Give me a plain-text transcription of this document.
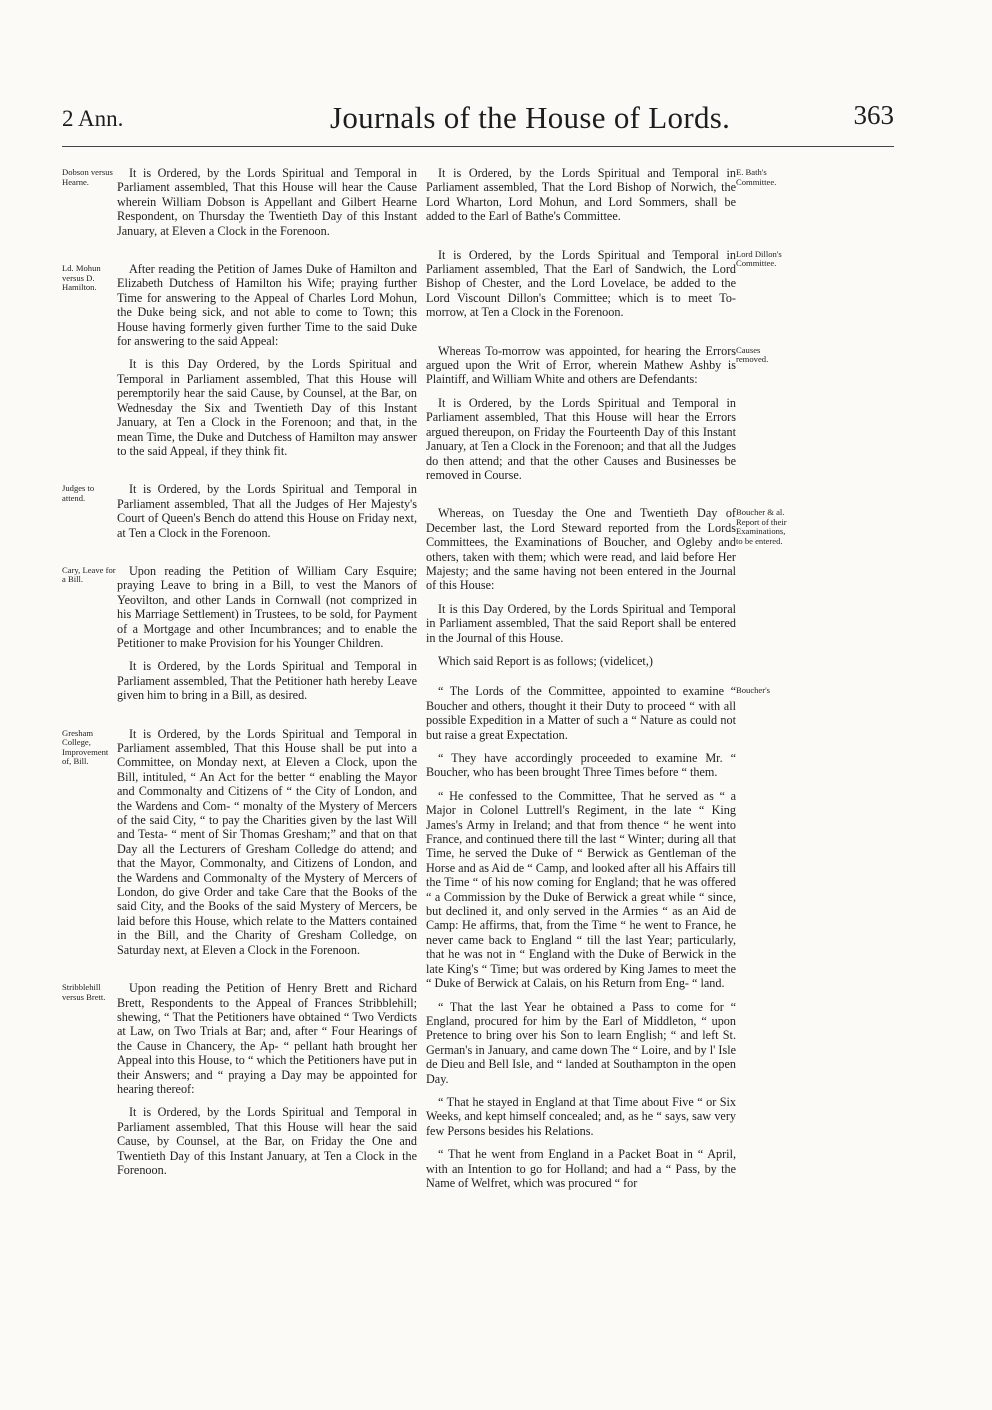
2 Ann.	Journals of the House of Lords.	363

It is Ordered, by the Lords Spiritual and Temporal in Parliament assembled, That this House will hear the Cause wherein William Dobson is Appellant and Gilbert Hearne Respondent, on Thursday the Twentieth Day of this Instant January, at Eleven a Clock in the Forenoon.

After reading the Petition of James Duke of Hamilton and Elizabeth Dutchess of Hamilton his Wife; praying further Time for answering to the Appeal of Charles Lord Mohun, the Duke being sick, and not able to come to Town; this House having formerly given further Time to the said Duke for answering to the said Appeal:

It is this Day Ordered, by the Lords Spiritual and Temporal in Parliament assembled, That this House will peremptorily hear the said Cause, by Counsel, at the Bar, on Wednesday the Six and Twentieth Day of this Instant January, at Ten a Clock in the Forenoon; and that, in the mean Time, the Duke and Dutchess of Hamilton may answer to the said Appeal, if they think fit.

It is Ordered, by the Lords Spiritual and Temporal in Parliament assembled, That all the Judges of Her Majesty's Court of Queen's Bench do attend this House on Friday next, at Ten a Clock in the Forenoon.

Upon reading the Petition of William Cary Esquire; praying Leave to bring in a Bill, to vest the Manors of Yeovilton, and other Lands in Cornwall (not comprized in his Marriage Settlement) in Trustees, to be sold, for Payment of a Mortgage and other Incumbrances; and to enable the Petitioner to make Provision for his Younger Children.

It is Ordered, by the Lords Spiritual and Temporal in Parliament assembled, That the Petitioner hath hereby Leave given him to bring in a Bill, as desired.

It is Ordered, by the Lords Spiritual and Temporal in Parliament assembled, That this House shall be put into a Committee, on Monday next, at Eleven a Clock, upon the Bill, intituled, “ An Act for the better “ enabling the Mayor and Commonalty and Citizens of “ the City of London, and the Wardens and Com- “ monalty of the Mystery of Mercers of the said City, “ to pay the Charities given by the last Will and Testa- “ ment of Sir Thomas Gresham;” and that on that Day all the Lecturers of Gresham Colledge do attend; and that the Mayor, Commonalty, and Citizens of London, and the Wardens and Commonalty of the Mystery of Mercers of London, do give Order and take Care that the Books of the said City, and the Books of the said Mystery of Mercers, be laid before this House, which relate to the Matters contained in the Bill, and the Charity of Gresham Colledge, on Saturday next, at Eleven a Clock in the Forenoon.

Upon reading the Petition of Henry Brett and Richard Brett, Respondents to the Appeal of Frances Stribblehill; shewing, “ That the Petitioners have obtained “ Two Verdicts at Law, on Two Trials at Bar; and, after “ Four Hearings of the Cause in Chancery, the Ap- “ pellant hath brought her Appeal into this House, to “ which the Petitioners have put in their Answers; and “ praying a Day may be appointed for hearing thereof:

It is Ordered, by the Lords Spiritual and Temporal in Parliament assembled, That this House will hear the said Cause, by Counsel, at the Bar, on Friday the One and Twentieth Day of this Instant January, at Ten a Clock in the Forenoon.

It is Ordered, by the Lords Spiritual and Temporal in Parliament assembled, That the Lord Bishop of Norwich, the Lord Wharton, Lord Mohun, and Lord Sommers, shall be added to the Earl of Bathe's Committee.

It is Ordered, by the Lords Spiritual and Temporal in Parliament assembled, That the Earl of Sandwich, the Lord Bishop of Chester, and the Lord Lovelace, be added to the Lord Viscount Dillon's Committee; which is to meet To-morrow, at Ten a Clock in the Forenoon.

Whereas To-morrow was appointed, for hearing the Errors argued upon the Writ of Error, wherein Mathew Ashby is Plaintiff, and William White and others are Defendants:

It is Ordered, by the Lords Spiritual and Temporal in Parliament assembled, That this House will hear the Errors argued thereupon, on Friday the Fourteenth Day of this Instant January, at Ten a Clock in the Forenoon; and that all the Judges do then attend; and that the other Causes and Businesses be removed in Course.

Whereas, on Tuesday the One and Twentieth Day of December last, the Lord Steward reported from the Lords Committees, the Examinations of Boucher, and Ogleby and others, taken with them; which were read, and laid before Her Majesty; and the same having not been entered in the Journal of this House:

It is this Day Ordered, by the Lords Spiritual and Temporal in Parliament assembled, That the said Report shall be entered in the Journal of this House.

Which said Report is as follows; (videlicet,)

“ The Lords of the Committee, appointed to examine “ Boucher and others, thought it their Duty to proceed “ with all possible Expedition in a Matter of such a “ Nature as could not but raise a great Expectation.

“ They have accordingly proceeded to examine Mr. “ Boucher, who has been brought Three Times before “ them.

“ He confessed to the Committee, That he served as “ a Major in Colonel Luttrell's Regiment, in the late “ King James's Army in Ireland; and that from thence “ he went into France, and continued there till the last “ Winter; during all that Time, he served the Duke of “ Berwick as Gentleman of the Horse and as Aid de “ Camp, and looked after all his Affairs till the Time “ of his now coming for England; that he was offered “ a Commission by the Duke of Berwick a great while “ since, but declined it, and only served in the Armies “ as an Aid de Camp: He affirms, that, from the Time “ he went to France, he never came back to England “ till the last Year; particularly, that he was not in “ England with the Duke of Berwick in the late King's “ Time; but was ordered by King James to meet the “ Duke of Berwick at Calais, on his Return from Eng- “ land.

“ That the last Year he obtained a Pass to come for “ England, procured for him by the Earl of Middleton, “ upon Pretence to bring over his Son to learn English; “ and left St. German's in January, and came down The “ Loire, and by l' Isle de Dieu and Bell Isle, and “ landed at Southampton in the open Day.

“ That he stayed in England at that Time about Five “ or Six Weeks, and kept himself concealed; and, as he “ says, saw very few Persons besides his Relations.

“ That he went from England in a Packet Boat in “ April, with an Intention to go for Holland; and had a “ Pass, by the Name of Welfret, which was procured “ for

Dobson versus Hearne.
Ld. Mohun versus D. Hamilton.
Judges to attend.
Cary, Leave for a Bill.
Gresham College, Improvement of, Bill.
Stribblehill versus Brett.
E. Bath's Committee.
Lord Dillon's Committee.
Causes removed.
Boucher & al. Report of their Examinations, to be entered.
Boucher's
